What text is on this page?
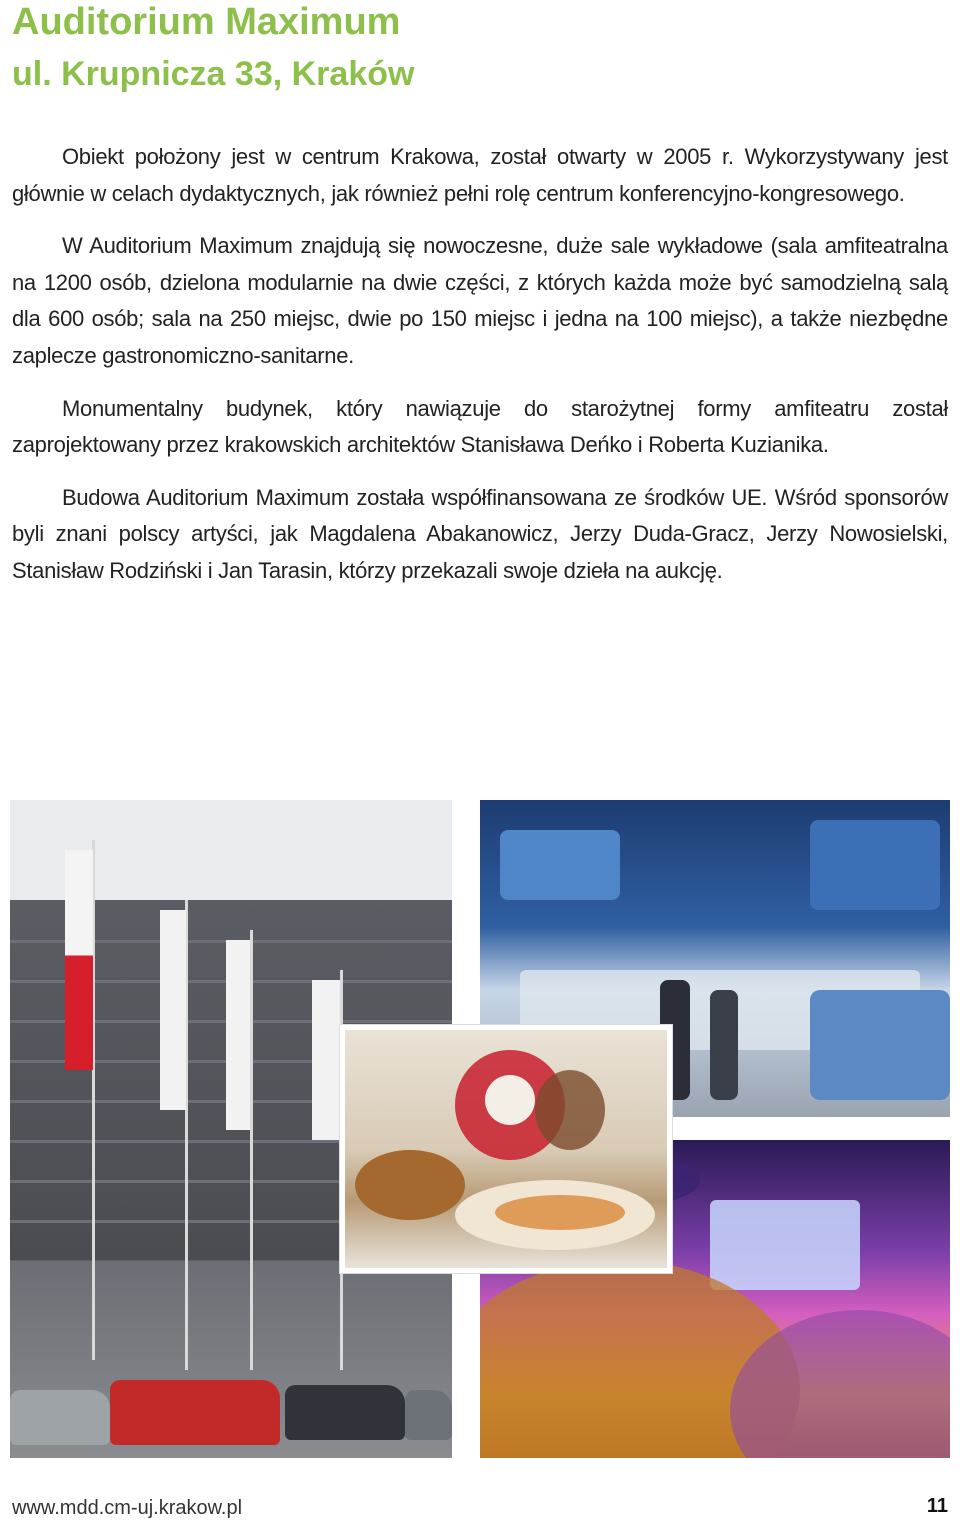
Auditorium Maximum
ul. Krupnicza 33, Kraków

Obiekt położony jest w centrum Krakowa, został otwarty w 2005 r. Wykorzystywany jest głównie w celach dydaktycznych, jak również pełni rolę centrum konferencyjno-kongresowego.

W Auditorium Maximum znajdują się nowoczesne, duże sale wykładowe (sala amfiteatralna na 1200 osób, dzielona modularnie na dwie części, z których każda może być samodzielną salą dla 600 osób; sala na 250 miejsc, dwie po 150 miejsc i jedna na 100 miejsc), a także niezbędne zaplecze gastronomiczno-sanitarne.

Monumentalny budynek, który nawiązuje do starożytnej formy amfiteatru został zaprojektowany przez krakowskich architektów Stanisława Deńko i Roberta Kuzianika.

Budowa Auditorium Maximum została współfinansowana ze środków UE. Wśród sponsorów byli znani polscy artyści, jak Magdalena Abakanowicz, Jerzy Duda-Gracz, Jerzy Nowosielski, Stanisław Rodziński i Jan Tarasin, którzy przekazali swoje dzieła na aukcję.

www.mdd.cm-uj.krakow.pl	11
